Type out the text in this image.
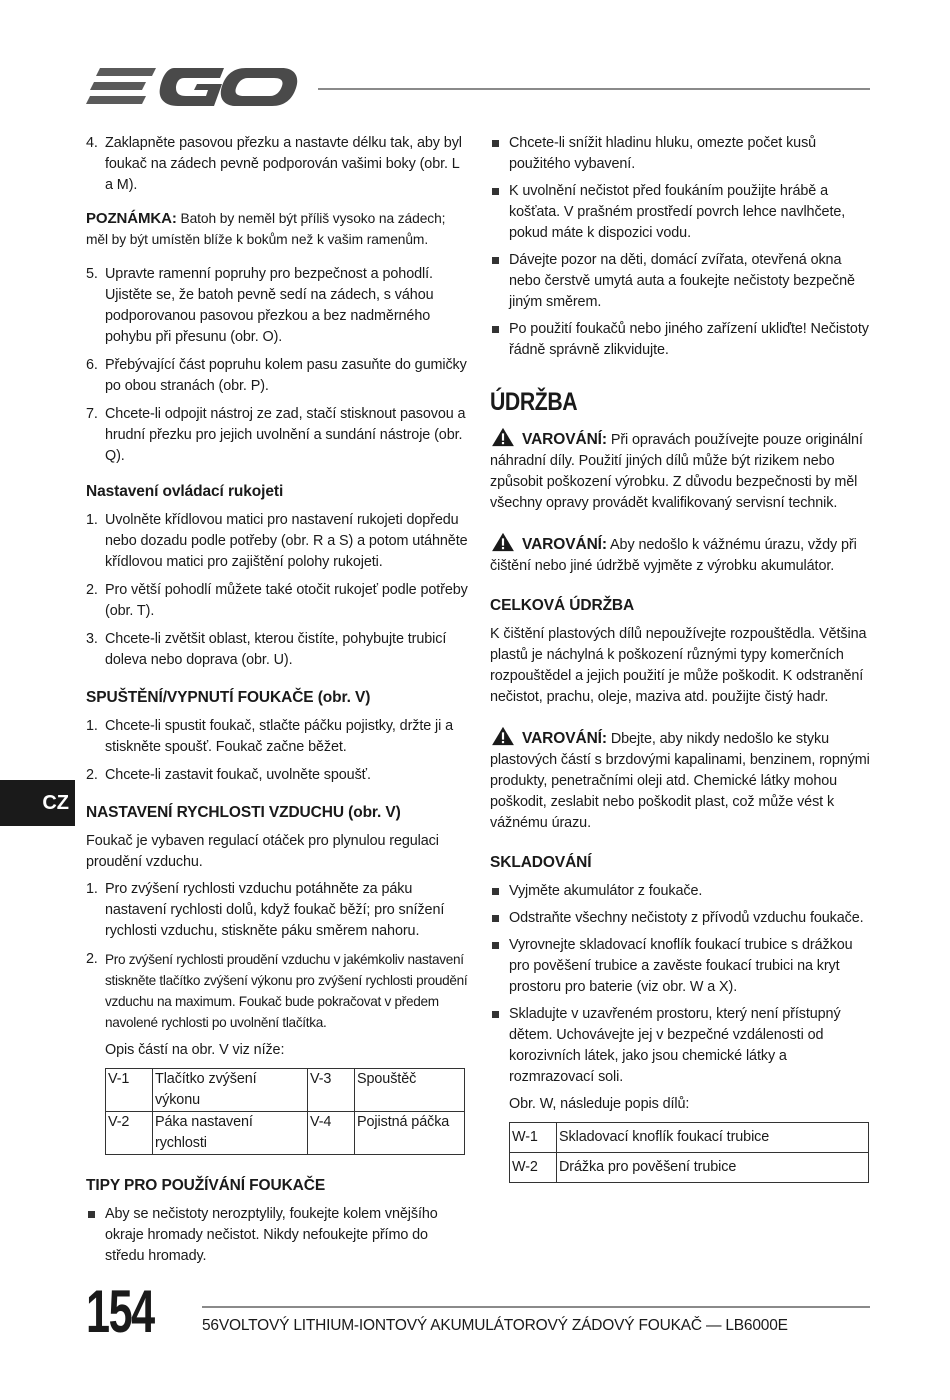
CZ
4. Zaklapněte pasovou přezku a nastavte délku tak, aby byl foukač na zádech pevně podporován vašimi boky (obr. L a M).
POZNÁMKA: Batoh by neměl být příliš vysoko na zádech; měl by být umístěn blíže k bokům než k vašim ramenům.
5. Upravte ramenní popruhy pro bezpečnost a pohodlí. Ujistěte se, že batoh pevně sedí na zádech, s váhou podporovanou pasovou přezkou a bez nadměrného pohybu při přesunu (obr. O).
6. Přebývající část popruhu kolem pasu zasuňte do gumičky po obou stranách (obr. P).
7. Chcete-li odpojit nástroj ze zad, stačí stisknout pasovou a hrudní přezku pro jejich uvolnění a sundání nástroje (obr. Q).
Nastavení ovládací rukojeti
1. Uvolněte křídlovou matici pro nastavení rukojeti dopředu nebo dozadu podle potřeby (obr. R a S) a potom utáhněte křídlovou matici pro zajištění polohy rukojeti.
2. Pro větší pohodlí můžete také otočit rukojeť podle potřeby (obr. T).
3. Chcete-li zvětšit oblast, kterou čistíte, pohybujte trubicí doleva nebo doprava (obr. U).
SPUŠTĚNÍ/VYPNUTÍ FOUKAČE (obr. V)
1. Chcete-li spustit foukač, stlačte páčku pojistky, držte ji a stiskněte spoušť. Foukač začne běžet.
2. Chcete-li zastavit foukač, uvolněte spoušť.
NASTAVENÍ RYCHLOSTI VZDUCHU (obr. V)
Foukač je vybaven regulací otáček pro plynulou regulaci proudění vzduchu.
1. Pro zvýšení rychlosti vzduchu potáhněte za páku nastavení rychlosti dolů, když foukač běží; pro snížení rychlosti vzduchu, stiskněte páku směrem nahoru.
2. Pro zvýšení rychlosti proudění vzduchu v jakémkoliv nastavení stiskněte tlačítko zvýšení výkonu pro zvýšení rychlosti proudění vzduchu na maximum. Foukač bude pokračovat v předem navolené rychlosti po uvolnění tlačítka.
Opis částí na obr. V viz níže:
V-1	Tlačítko zvýšení výkonu	V-3	Spouštěč
V-2	Páka nastavení rychlosti	V-4	Pojistná páčka
TIPY PRO POUŽÍVÁNÍ FOUKAČE
Aby se nečistoty nerozptylily, foukejte kolem vnějšího okraje hromady nečistot. Nikdy nefoukejte přímo do středu hromady.
Chcete-li snížit hladinu hluku, omezte počet kusů použitého vybavení.
K uvolnění nečistot před foukáním použijte hrábě a košťata. V prašném prostředí povrch lehce navlhčete, pokud máte k dispozici vodu.
Dávejte pozor na děti, domácí zvířata, otevřená okna nebo čerstvě umytá auta a foukejte nečistoty bezpečně jiným směrem.
Po použití foukačů nebo jiného zařízení ukliďte! Nečistoty řádně správně zlikvidujte.
ÚDRŽBA
VAROVÁNÍ: Při opravách používejte pouze originální náhradní díly. Použití jiných dílů může být rizikem nebo způsobit poškození výrobku. Z důvodu bezpečnosti by měl všechny opravy provádět kvalifikovaný servisní technik.
VAROVÁNÍ: Aby nedošlo k vážnému úrazu, vždy při čištění nebo jiné údržbě vyjměte z výrobku akumulátor.
CELKOVÁ ÚDRŽBA
K čištění plastových dílů nepoužívejte rozpouštědla. Většina plastů je náchylná k poškození různými typy komerčních rozpouštědel a jejich použití je může poškodit. K odstranění nečistot, prachu, oleje, maziva atd. použijte čistý hadr.
VAROVÁNÍ: Dbejte, aby nikdy nedošlo ke styku plastových částí s brzdovými kapalinami, benzinem, ropnými produkty, penetračními oleji atd. Chemické látky mohou poškodit, zeslabit nebo poškodit plast, což může vést k vážnému úrazu.
SKLADOVÁNÍ
Vyjměte akumulátor z foukače.
Odstraňte všechny nečistoty z přívodů vzduchu foukače.
Vyrovnejte skladovací knoflík foukací trubice s drážkou pro pověšení trubice a zavěste foukací trubici na kryt prostoru pro baterie (viz obr. W a X).
Skladujte v uzavřeném prostoru, který není přístupný dětem. Uchovávejte jej v bezpečné vzdálenosti od korozivních látek, jako jsou chemické látky a rozmrazovací soli.
Obr. W, následuje popis dílů:
W-1	Skladovací knoflík foukací trubice
W-2	Drážka pro pověšení trubice
154	56VOLTOVÝ LITHIUM-IONTOVÝ AKUMULÁTOROVÝ ZÁDOVÝ FOUKAČ — LB6000E
